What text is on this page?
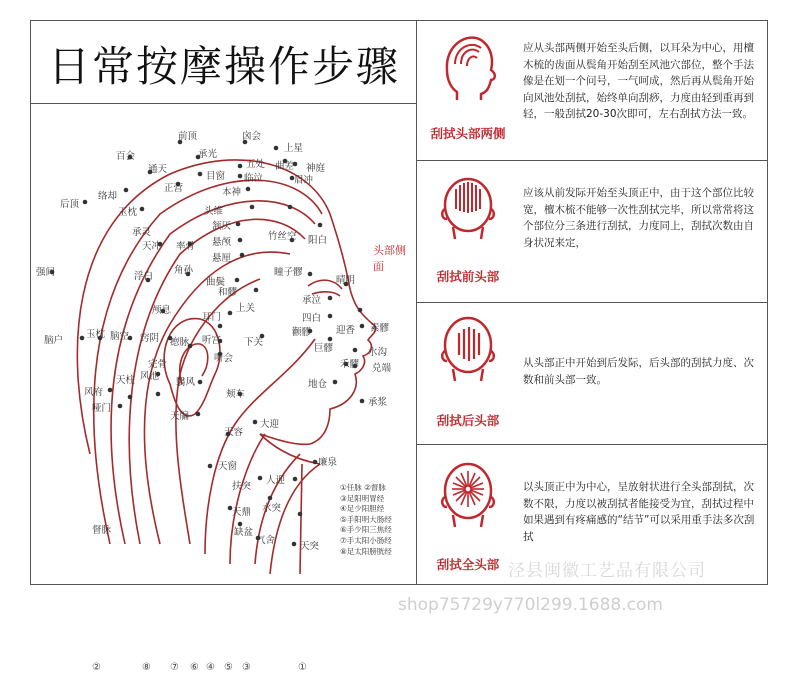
日常按摩操作步骤
头部侧面
前顶	囟会
百会	承光
上星
通天	五处 曲差 神庭
后顶
络却
目窗 临泣	眉冲
玉枕
正营	本神
承灵
头维
阳白
强间
天冲 率骨
颔厌
悬颅
悬厘
竹丝空
浮白
角孙
曲鬓
瞳子髎
晴明
承泣
和髎
上关
四白
颅息
耳门
迎香 素髎
脑户
玉枕 脑空 窍阴 瘛脉 听宫 下关
颧髎
巨髎	水沟
禾髎 兑端
风府
天柱
完骨
翳风
听会
地仓
哑门
风池
颊车
承浆
天牖
大迎
天容
廉泉
天窗
人迎
扶突
水突
天鼎
缺盆
气舍
天突
督脉
①任脉 ②督脉
③足阳明胃经
④足少阳胆经
⑤手阳明大肠经
⑥手少阳三焦经
⑦手太阳小肠经
⑧足太阳膀胱经
②	⑧ ⑦ ⑥ ④ ⑤ ③	①
刮拭头部两侧
应从头部两侧开始至头后侧，以耳朵为中心，用檀木梳的齿面从鬓角开始刮至风池穴部位，整个手法像是在划一个问号，一气呵成，然后再从鬓角开始向风池处刮拭，始终单向刮痧，力度由轻到重再到轻，一般刮拭20-30次即可，左右刮拭方法一致。
刮拭前头部
应该从前发际开始至头顶正中，由于这个部位比较宽，檀木梳不能够一次性刮拭完毕，所以常常将这个部位分三条进行刮拭，力度同上，刮拭次数由自身状况来定，
刮拭后头部
从头部正中开始到后发际，后头部的刮拭力度、次数和前头部一致。
刮拭全头部
以头顶正中为中心，呈放射状进行全头部刮拭，次数不限，力度以被刮拭者能接受为宜，刮拭过程中如果遇到有疼痛感的“结节”可以采用重手法多次刮拭
泾县闽徽工艺品有限公司
shop75729y770l299.1688.com
